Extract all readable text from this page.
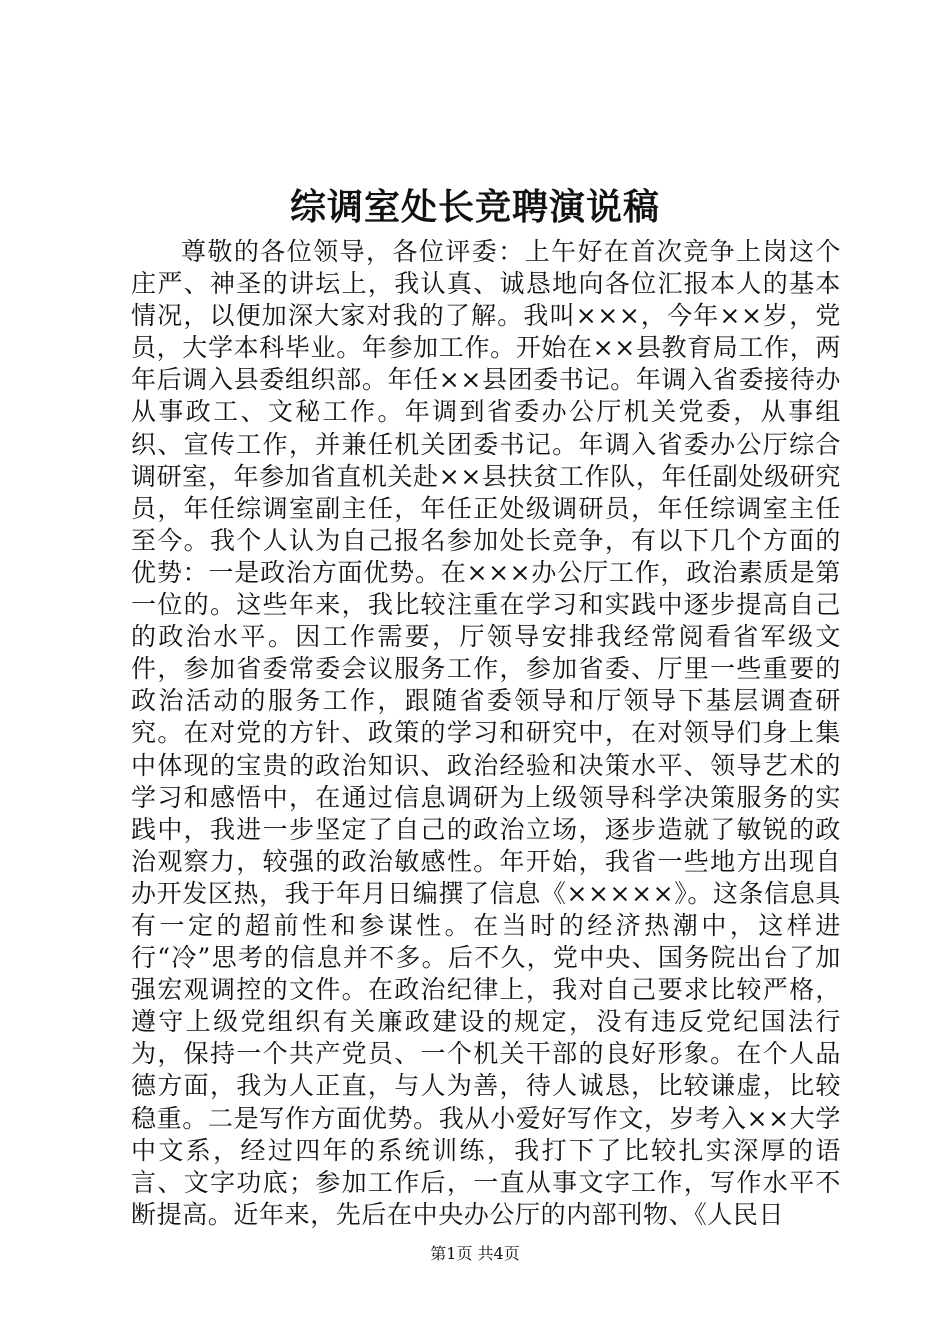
综调室处长竞聘演说稿

尊敬的各位领导，各位评委：上午好在首次竞争上岗这个庄严、神圣的讲坛上，我认真、诚恳地向各位汇报本人的基本情况，以便加深大家对我的了解。我叫×××，今年××岁，党员，大学本科毕业。年参加工作。开始在××县教育局工作，两年后调入县委组织部。年任××县团委书记。年调入省委接待办从事政工、文秘工作。年调到省委办公厅机关党委，从事组织、宣传工作，并兼任机关团委书记。年调入省委办公厅综合调研室，年参加省直机关赴××县扶贫工作队，年任副处级研究员，年任综调室副主任，年任正处级调研员，年任综调室主任至今。我个人认为自己报名参加处长竞争，有以下几个方面的优势：一是政治方面优势。在×××办公厅工作，政治素质是第一位的。这些年来，我比较注重在学习和实践中逐步提高自己的政治水平。因工作需要，厅领导安排我经常阅看省军级文件，参加省委常委会议服务工作，参加省委、厅里一些重要的政治活动的服务工作，跟随省委领导和厅领导下基层调查研究。在对党的方针、政策的学习和研究中，在对领导们身上集中体现的宝贵的政治知识、政治经验和决策水平、领导艺术的学习和感悟中，在通过信息调研为上级领导科学决策服务的实践中，我进一步坚定了自己的政治立场，逐步造就了敏锐的政治观察力，较强的政治敏感性。年开始，我省一些地方出现自办开发区热，我于年月日编撰了信息《×××××》。这条信息具有一定的超前性和参谋性。在当时的经济热潮中，这样进行“冷”思考的信息并不多。后不久，党中央、国务院出台了加强宏观调控的文件。在政治纪律上，我对自己要求比较严格，遵守上级党组织有关廉政建设的规定，没有违反党纪国法行为，保持一个共产党员、一个机关干部的良好形象。在个人品德方面，我为人正直，与人为善，待人诚恳，比较谦虚，比较稳重。二是写作方面优势。我从小爱好写作文，岁考入××大学中文系，经过四年的系统训练，我打下了比较扎实深厚的语言、文字功底；参加工作后，一直从事文字工作，写作水平不断提高。近年来，先后在中央办公厅的内部刊物、《人民日

第1页 共4页
